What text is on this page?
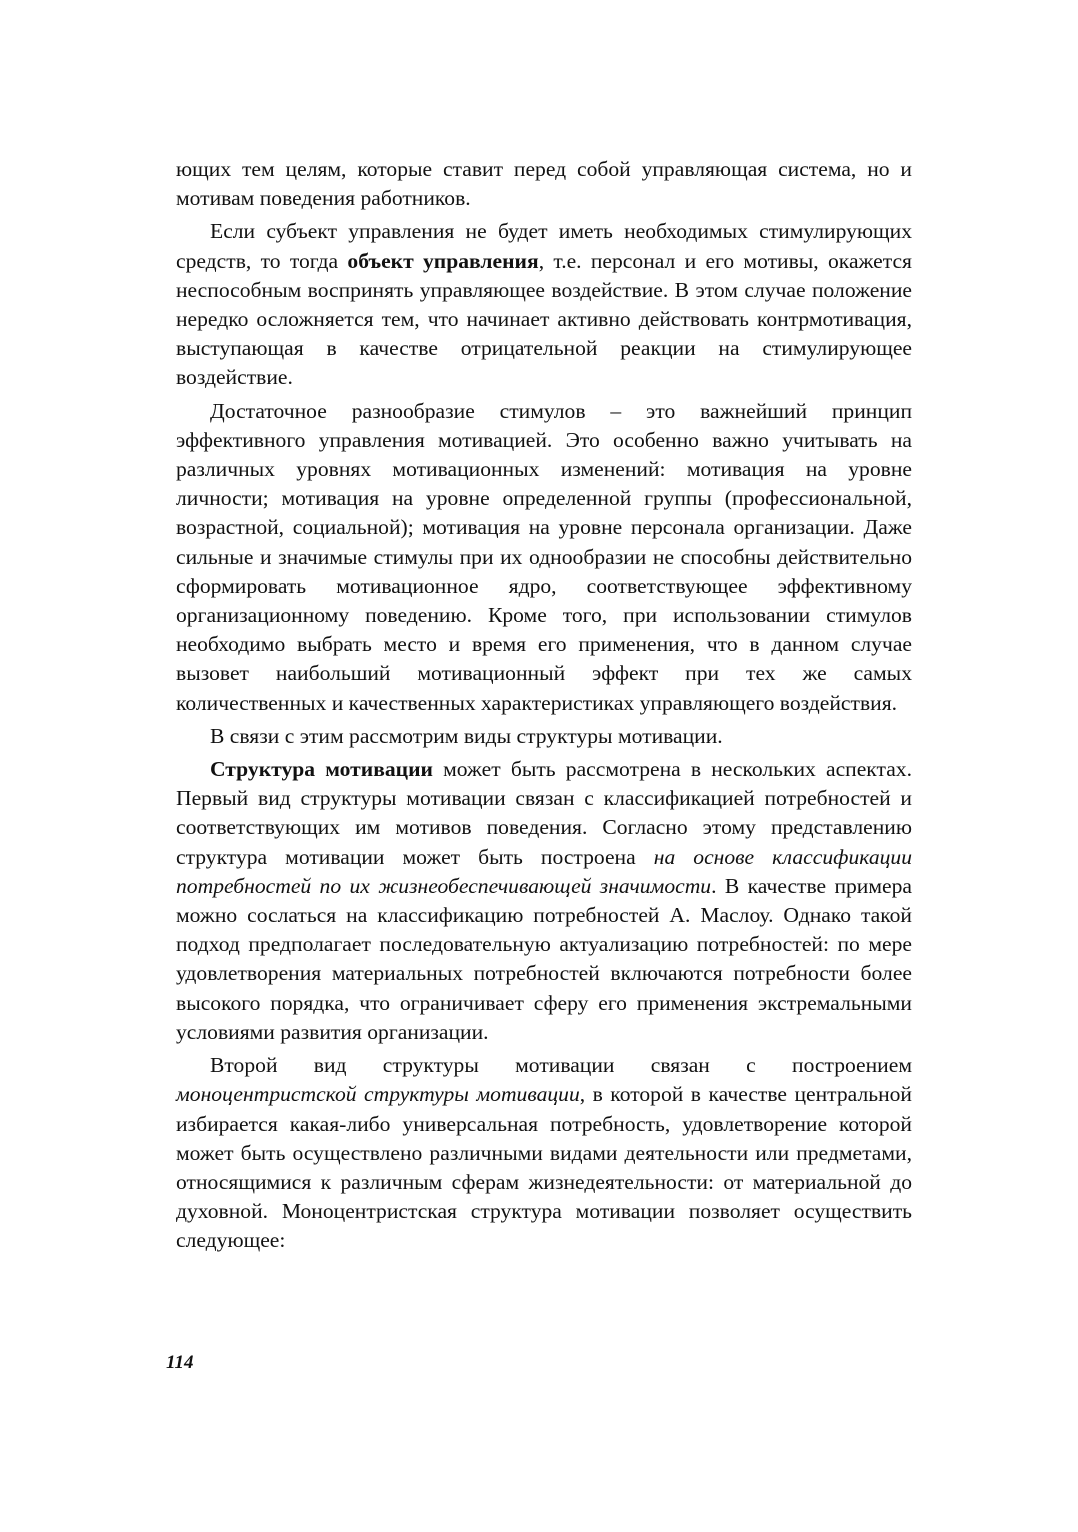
ющих тем целям, которые ставит перед собой управляющая система, но и мотивам поведения работников.

Если субъект управления не будет иметь необходимых стимулирующих средств, то тогда объект управления, т.е. персонал и его мотивы, окажется неспособным воспринять управляющее воздействие. В этом случае положение нередко осложняется тем, что начинает активно действовать контрмотивация, выступающая в качестве отрицательной реакции на стимулирующее воздействие.

Достаточное разнообразие стимулов – это важнейший принцип эффективного управления мотивацией. Это особенно важно учитывать на различных уровнях мотивационных изменений: мотивация на уровне личности; мотивация на уровне определенной группы (профессиональной, возрастной, социальной); мотивация на уровне персонала организации. Даже сильные и значимые стимулы при их однообразии не способны действительно сформировать мотивационное ядро, соответствующее эффективному организационному поведению. Кроме того, при использовании стимулов необходимо выбрать место и время его применения, что в данном случае вызовет наибольший мотивационный эффект при тех же самых количественных и качественных характеристиках управляющего воздействия.

В связи с этим рассмотрим виды структуры мотивации.

Структура мотивации может быть рассмотрена в нескольких аспектах. Первый вид структуры мотивации связан с классификацией потребностей и соответствующих им мотивов поведения. Согласно этому представлению структура мотивации может быть построена на основе классификации потребностей по их жизнеобеспечивающей значимости. В качестве примера можно сослаться на классификацию потребностей А. Маслоу. Однако такой подход предполагает последовательную актуализацию потребностей: по мере удовлетворения материальных потребностей включаются потребности более высокого порядка, что ограничивает сферу его применения экстремальными условиями развития организации.

Второй вид структуры мотивации связан с построением моноцентристской структуры мотивации, в которой в качестве центральной избирается какая-либо универсальная потребность, удовлетворение которой может быть осуществлено различными видами деятельности или предметами, относящимися к различным сферам жизнедеятельности: от материальной до духовной. Моноцентристская структура мотивации позволяет осуществить следующее:

114
